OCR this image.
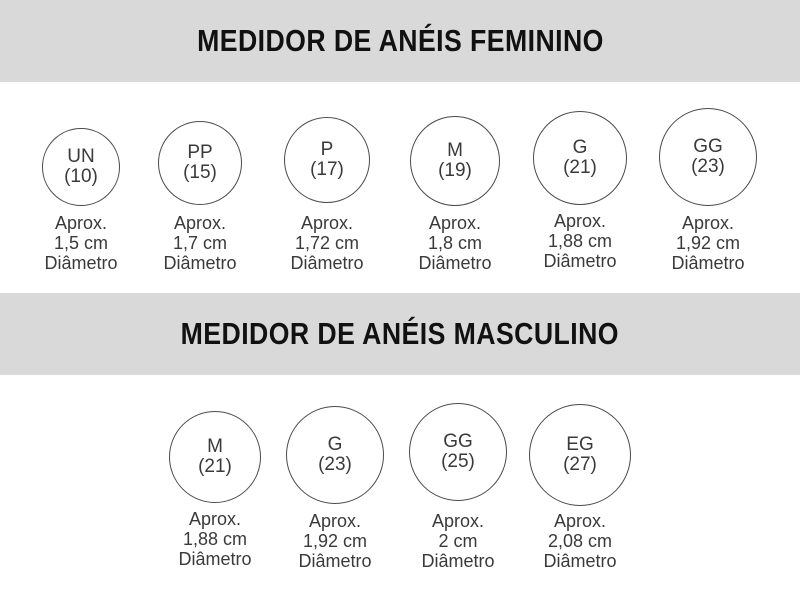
MEDIDOR DE ANÉIS FEMININO
MEDIDOR DE ANÉIS MASCULINO
UN
(10)
Aprox.
1,5 cm
Diâmetro
PP
(15)
Aprox.
1,7 cm
Diâmetro
P
(17)
Aprox.
1,72 cm
Diâmetro
M
(19)
Aprox.
1,8 cm
Diâmetro
G
(21)
Aprox.
1,88 cm
Diâmetro
GG
(23)
Aprox.
1,92 cm
Diâmetro
M
(21)
Aprox.
1,88 cm
Diâmetro
G
(23)
Aprox.
1,92 cm
Diâmetro
GG
(25)
Aprox.
2 cm
Diâmetro
EG
(27)
Aprox.
2,08 cm
Diâmetro
